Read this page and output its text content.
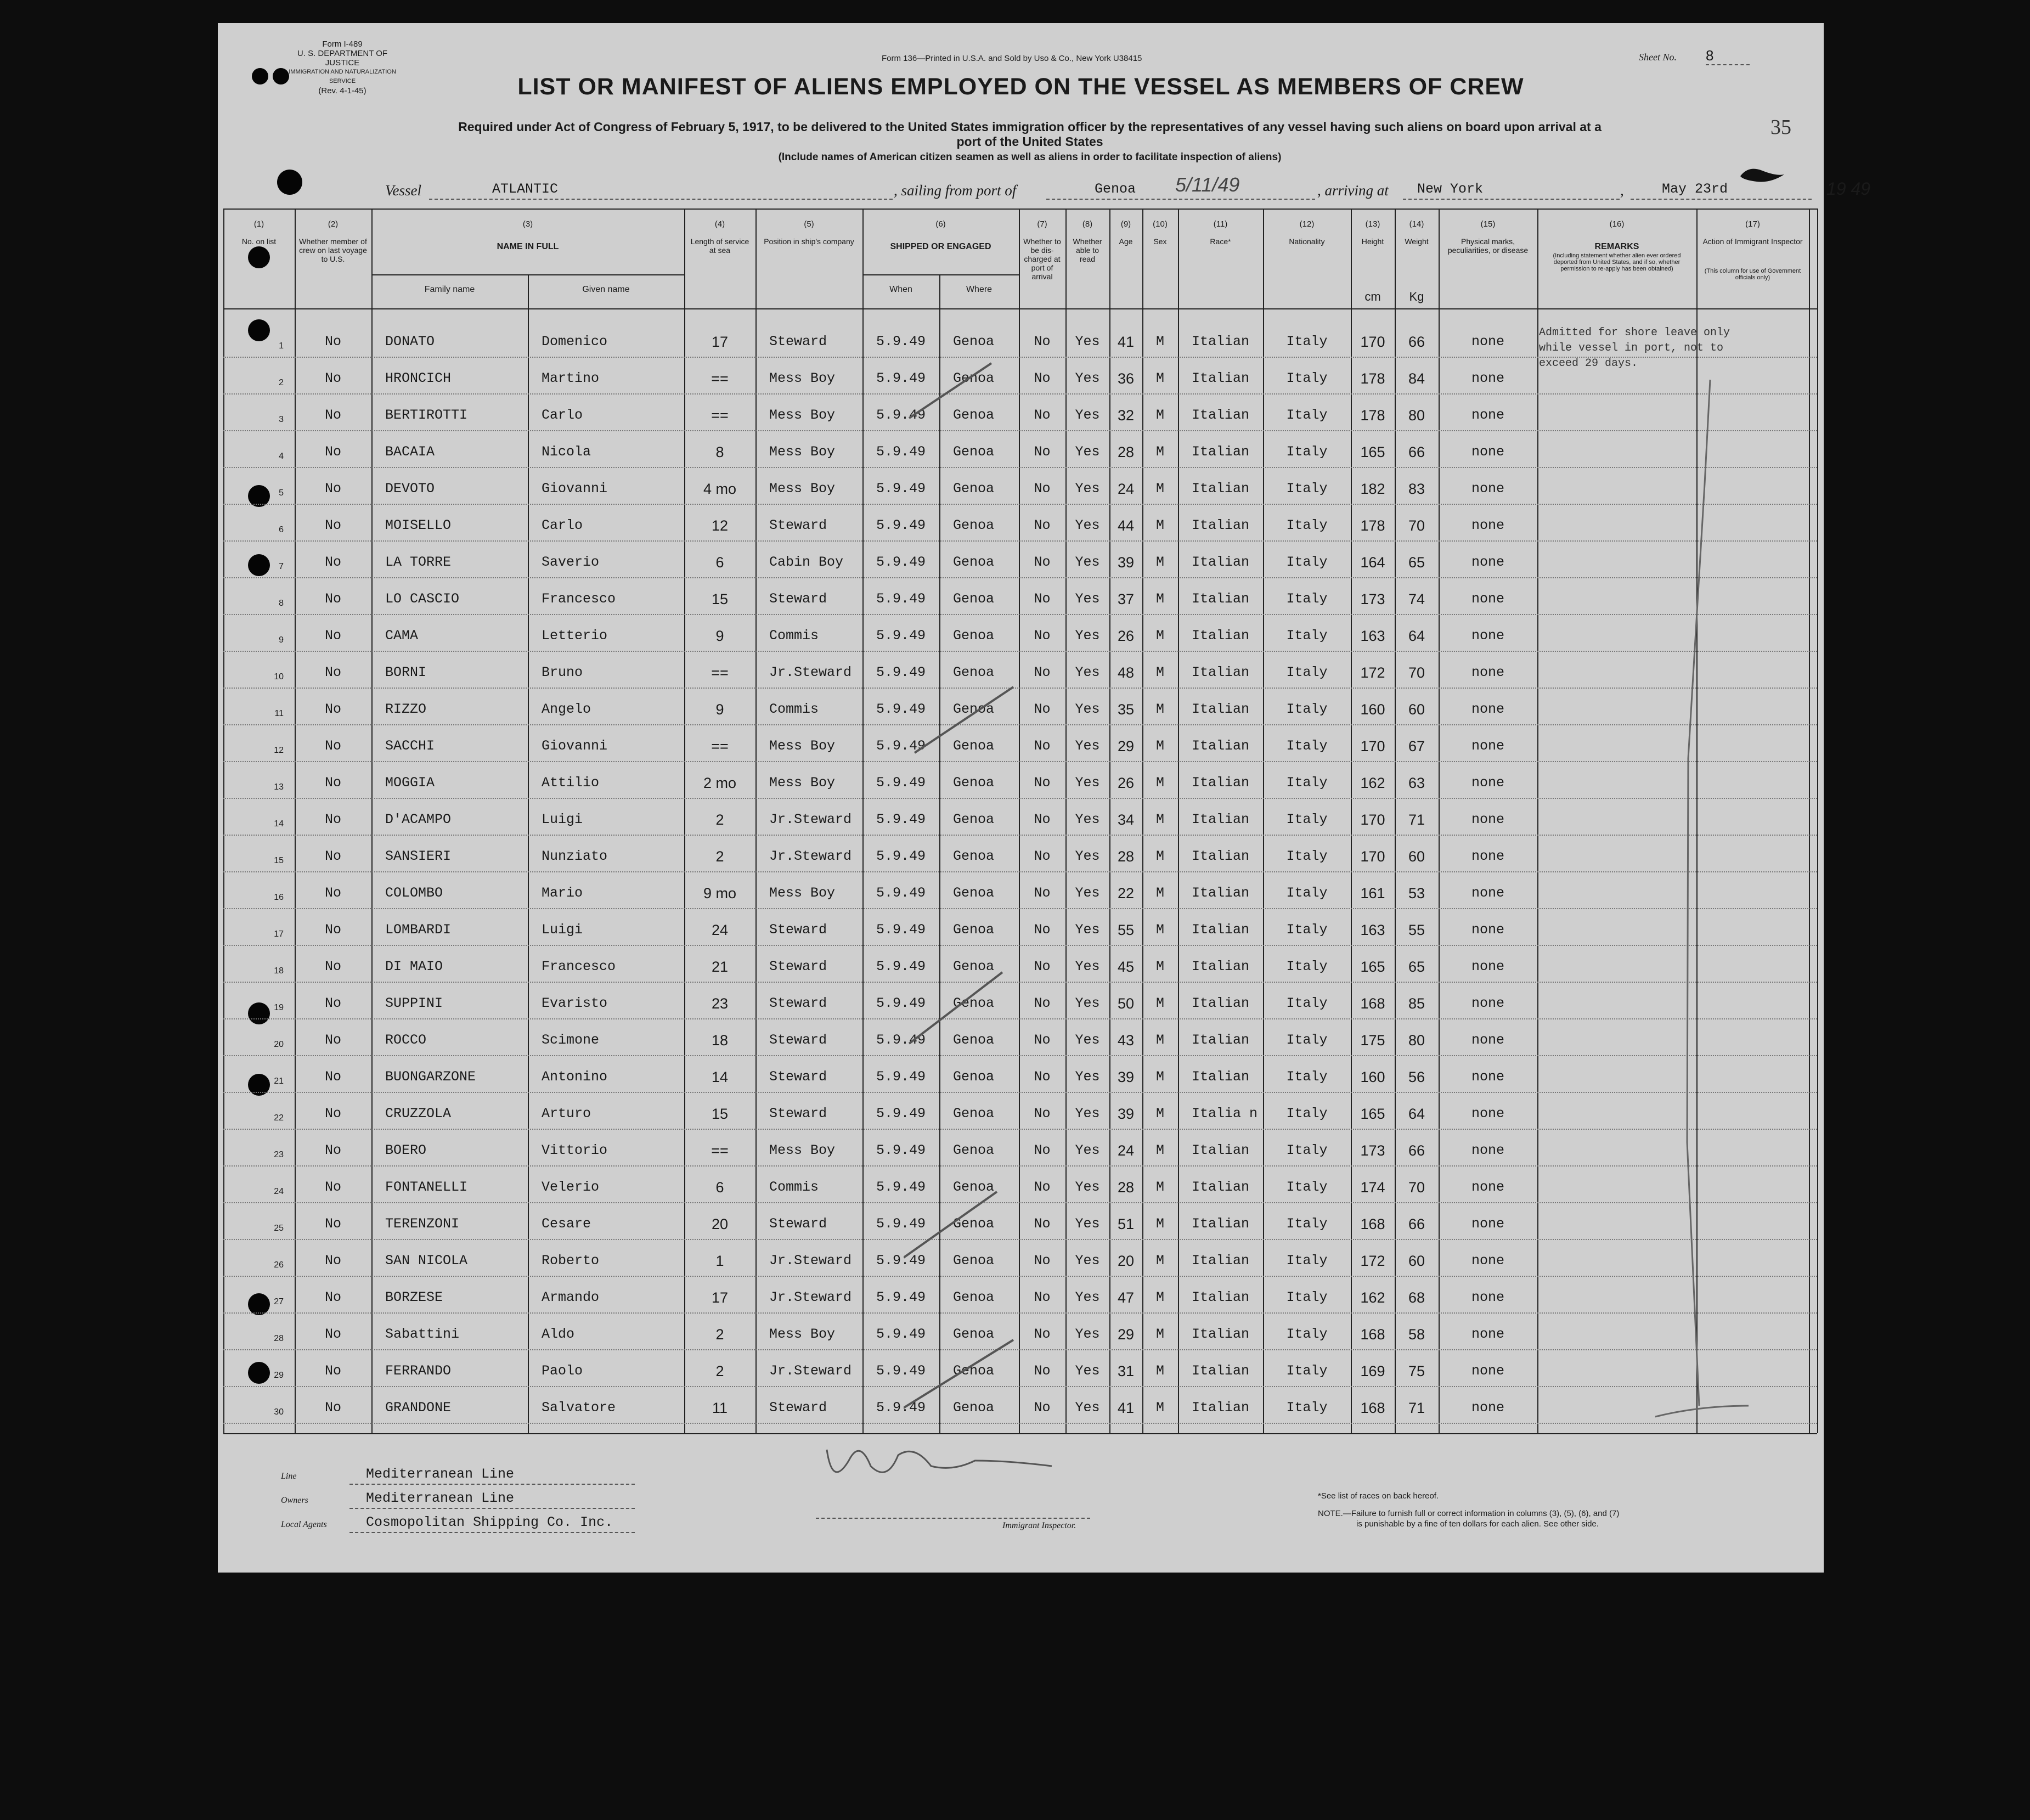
Form I-489
U. S. DEPARTMENT OF JUSTICE
IMMIGRATION AND NATURALIZATION SERVICE
(Rev. 4-1-45)
Form 136—Printed in U.S.A. and Sold by Uso & Co., New York U38415	Sheet No. 8
35
LIST OR MANIFEST OF ALIENS EMPLOYED ON THE VESSEL AS MEMBERS OF CREW
Required under Act of Congress of February 5, 1917, to be delivered to the United States immigration officer by the representatives of any vessel having such aliens on board upon arrival at a
port of the United States
(Include names of American citizen seamen as well as aliens in order to facilitate inspection of aliens)
Vessel	ATLANTIC	, sailing from port of	Genoa 5/11/49	, arriving at New York	,	May 23rd	19 49
(1)
No. on list
(2)
Whether member of crew on last voyage to U.S.
(3)
NAME IN FULL
(4)
Length of service at sea
(5)
Position in ship's company
(6)
SHIPPED OR ENGAGED
(7)
Whether to be dis-charged at port of arrival
(8)
Whether able to read
(9)
Age
(10)
Sex
(11)
Race*
(12)
Nationality
(13)
Height
(14)
Weight
(15)
Physical marks, peculiarities, or disease
(16)
REMARKS
(17)
Action of Immigrant Inspector
Family name	Given name	When	Where
cm	Kg
(Including statement whether alien ever ordered deported from United States, and if so, whether permission to re-apply has been obtained)	(This column for use of Government officials only)
1	No	DONATO	Domenico	17	Steward	5.9.49	Genoa	No	Yes	41	M	Italian	Italy	170	66	none
2	No	HRONCICH	Martino	==	Mess Boy	5.9.49	Genoa	No	Yes	36	M	Italian	Italy	178	84	none
3	No	BERTIROTTI	Carlo	==	Mess Boy	5.9.49	Genoa	No	Yes	32	M	Italian	Italy	178	80	none
4	No	BACAIA	Nicola	8	Mess Boy	5.9.49	Genoa	No	Yes	28	M	Italian	Italy	165	66	none
5	No	DEVOTO	Giovanni	4 mo	Mess Boy	5.9.49	Genoa	No	Yes	24	M	Italian	Italy	182	83	none
6	No	MOISELLO	Carlo	12	Steward	5.9.49	Genoa	No	Yes	44	M	Italian	Italy	178	70	none
7	No	LA TORRE	Saverio	6	Cabin Boy	5.9.49	Genoa	No	Yes	39	M	Italian	Italy	164	65	none
8	No	LO CASCIO	Francesco	15	Steward	5.9.49	Genoa	No	Yes	37	M	Italian	Italy	173	74	none
9	No	CAMA	Letterio	9	Commis	5.9.49	Genoa	No	Yes	26	M	Italian	Italy	163	64	none
10	No	BORNI	Bruno	==	Jr.Steward	5.9.49	Genoa	No	Yes	48	M	Italian	Italy	172	70	none
11	No	RIZZO	Angelo	9	Commis	5.9.49	Genoa	No	Yes	35	M	Italian	Italy	160	60	none
12	No	SACCHI	Giovanni	==	Mess Boy	5.9.49	Genoa	No	Yes	29	M	Italian	Italy	170	67	none
13	No	MOGGIA	Attilio	2 mo	Mess Boy	5.9.49	Genoa	No	Yes	26	M	Italian	Italy	162	63	none
14	No	D'ACAMPO	Luigi	2	Jr.Steward	5.9.49	Genoa	No	Yes	34	M	Italian	Italy	170	71	none
15	No	SANSIERI	Nunziato	2	Jr.Steward	5.9.49	Genoa	No	Yes	28	M	Italian	Italy	170	60	none
16	No	COLOMBO	Mario	9 mo	Mess Boy	5.9.49	Genoa	No	Yes	22	M	Italian	Italy	161	53	none
17	No	LOMBARDI	Luigi	24	Steward	5.9.49	Genoa	No	Yes	55	M	Italian	Italy	163	55	none
18	No	DI MAIO	Francesco	21	Steward	5.9.49	Genoa	No	Yes	45	M	Italian	Italy	165	65	none
19	No	SUPPINI	Evaristo	23	Steward	5.9.49	Genoa	No	Yes	50	M	Italian	Italy	168	85	none
20	No	ROCCO	Scimone	18	Steward	5.9.49	Genoa	No	Yes	43	M	Italian	Italy	175	80	none
21	No	BUONGARZONE	Antonino	14	Steward	5.9.49	Genoa	No	Yes	39	M	Italian	Italy	160	56	none
22	No	CRUZZOLA	Arturo	15	Steward	5.9.49	Genoa	No	Yes	39	M	Italia n	Italy	165	64	none
23	No	BOERO	Vittorio	==	Mess Boy	5.9.49	Genoa	No	Yes	24	M	Italian	Italy	173	66	none
24	No	FONTANELLI	Velerio	6	Commis	5.9.49	Genoa	No	Yes	28	M	Italian	Italy	174	70	none
25	No	TERENZONI	Cesare	20	Steward	5.9.49	Genoa	No	Yes	51	M	Italian	Italy	168	66	none
26	No	SAN NICOLA	Roberto	1	Jr.Steward	5.9.49	Genoa	No	Yes	20	M	Italian	Italy	172	60	none
27	No	BORZESE	Armando	17	Jr.Steward	5.9.49	Genoa	No	Yes	47	M	Italian	Italy	162	68	none
28	No	Sabattini	Aldo	2	Mess Boy	5.9.49	Genoa	No	Yes	29	M	Italian	Italy	168	58	none
29	No	FERRANDO	Paolo	2	Jr.Steward	5.9.49	Genoa	No	Yes	31	M	Italian	Italy	169	75	none
30	No	GRANDONE	Salvatore	11	Steward	5.9.49	Genoa	No	Yes	41	M	Italian	Italy	168	71	none
Admitted for shore leave only
while vessel in port, not to
exceed 29 days.
Line	Mediterranean Line
Owners	Mediterranean Line
Local Agents	Cosmopolitan Shipping Co. Inc.	Immigrant Inspector.
*See list of races on back hereof.
NOTE.—Failure to furnish full or correct information in columns (3), (5), (6), and (7)
is punishable by a fine of ten dollars for each alien. See other side.
